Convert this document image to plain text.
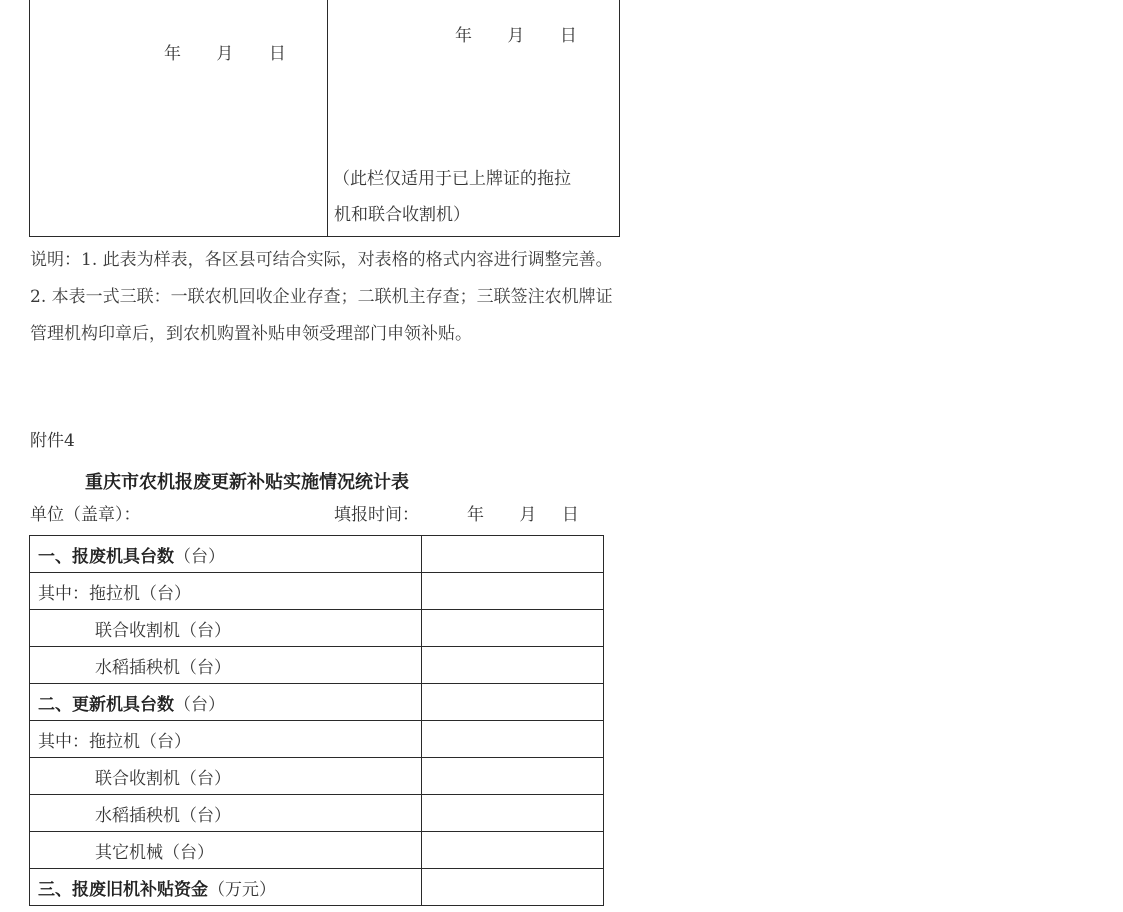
年 月 日
年 月 日
（此栏仅适用于已上牌证的拖拉
机和联合收割机）
说明：1. 此表为样表，各区县可结合实际，对表格的格式内容进行调整完善。
2. 本表一式三联：一联农机回收企业存查；二联机主存查；三联签注农机牌证
管理机构印章后，到农机购置补贴申领受理部门申领补贴。
附件4
重庆市农机报废更新补贴实施情况统计表
单位（盖章）：	填报时间：	年 月 日
一、报废机具台数（台）	
其中：拖拉机（台）	
联合收割机（台）	
水稻插秧机（台）	
二、更新机具台数（台）	
其中：拖拉机（台）	
联合收割机（台）	
水稻插秧机（台）	
其它机械（台）	
三、报废旧机补贴资金（万元）	
